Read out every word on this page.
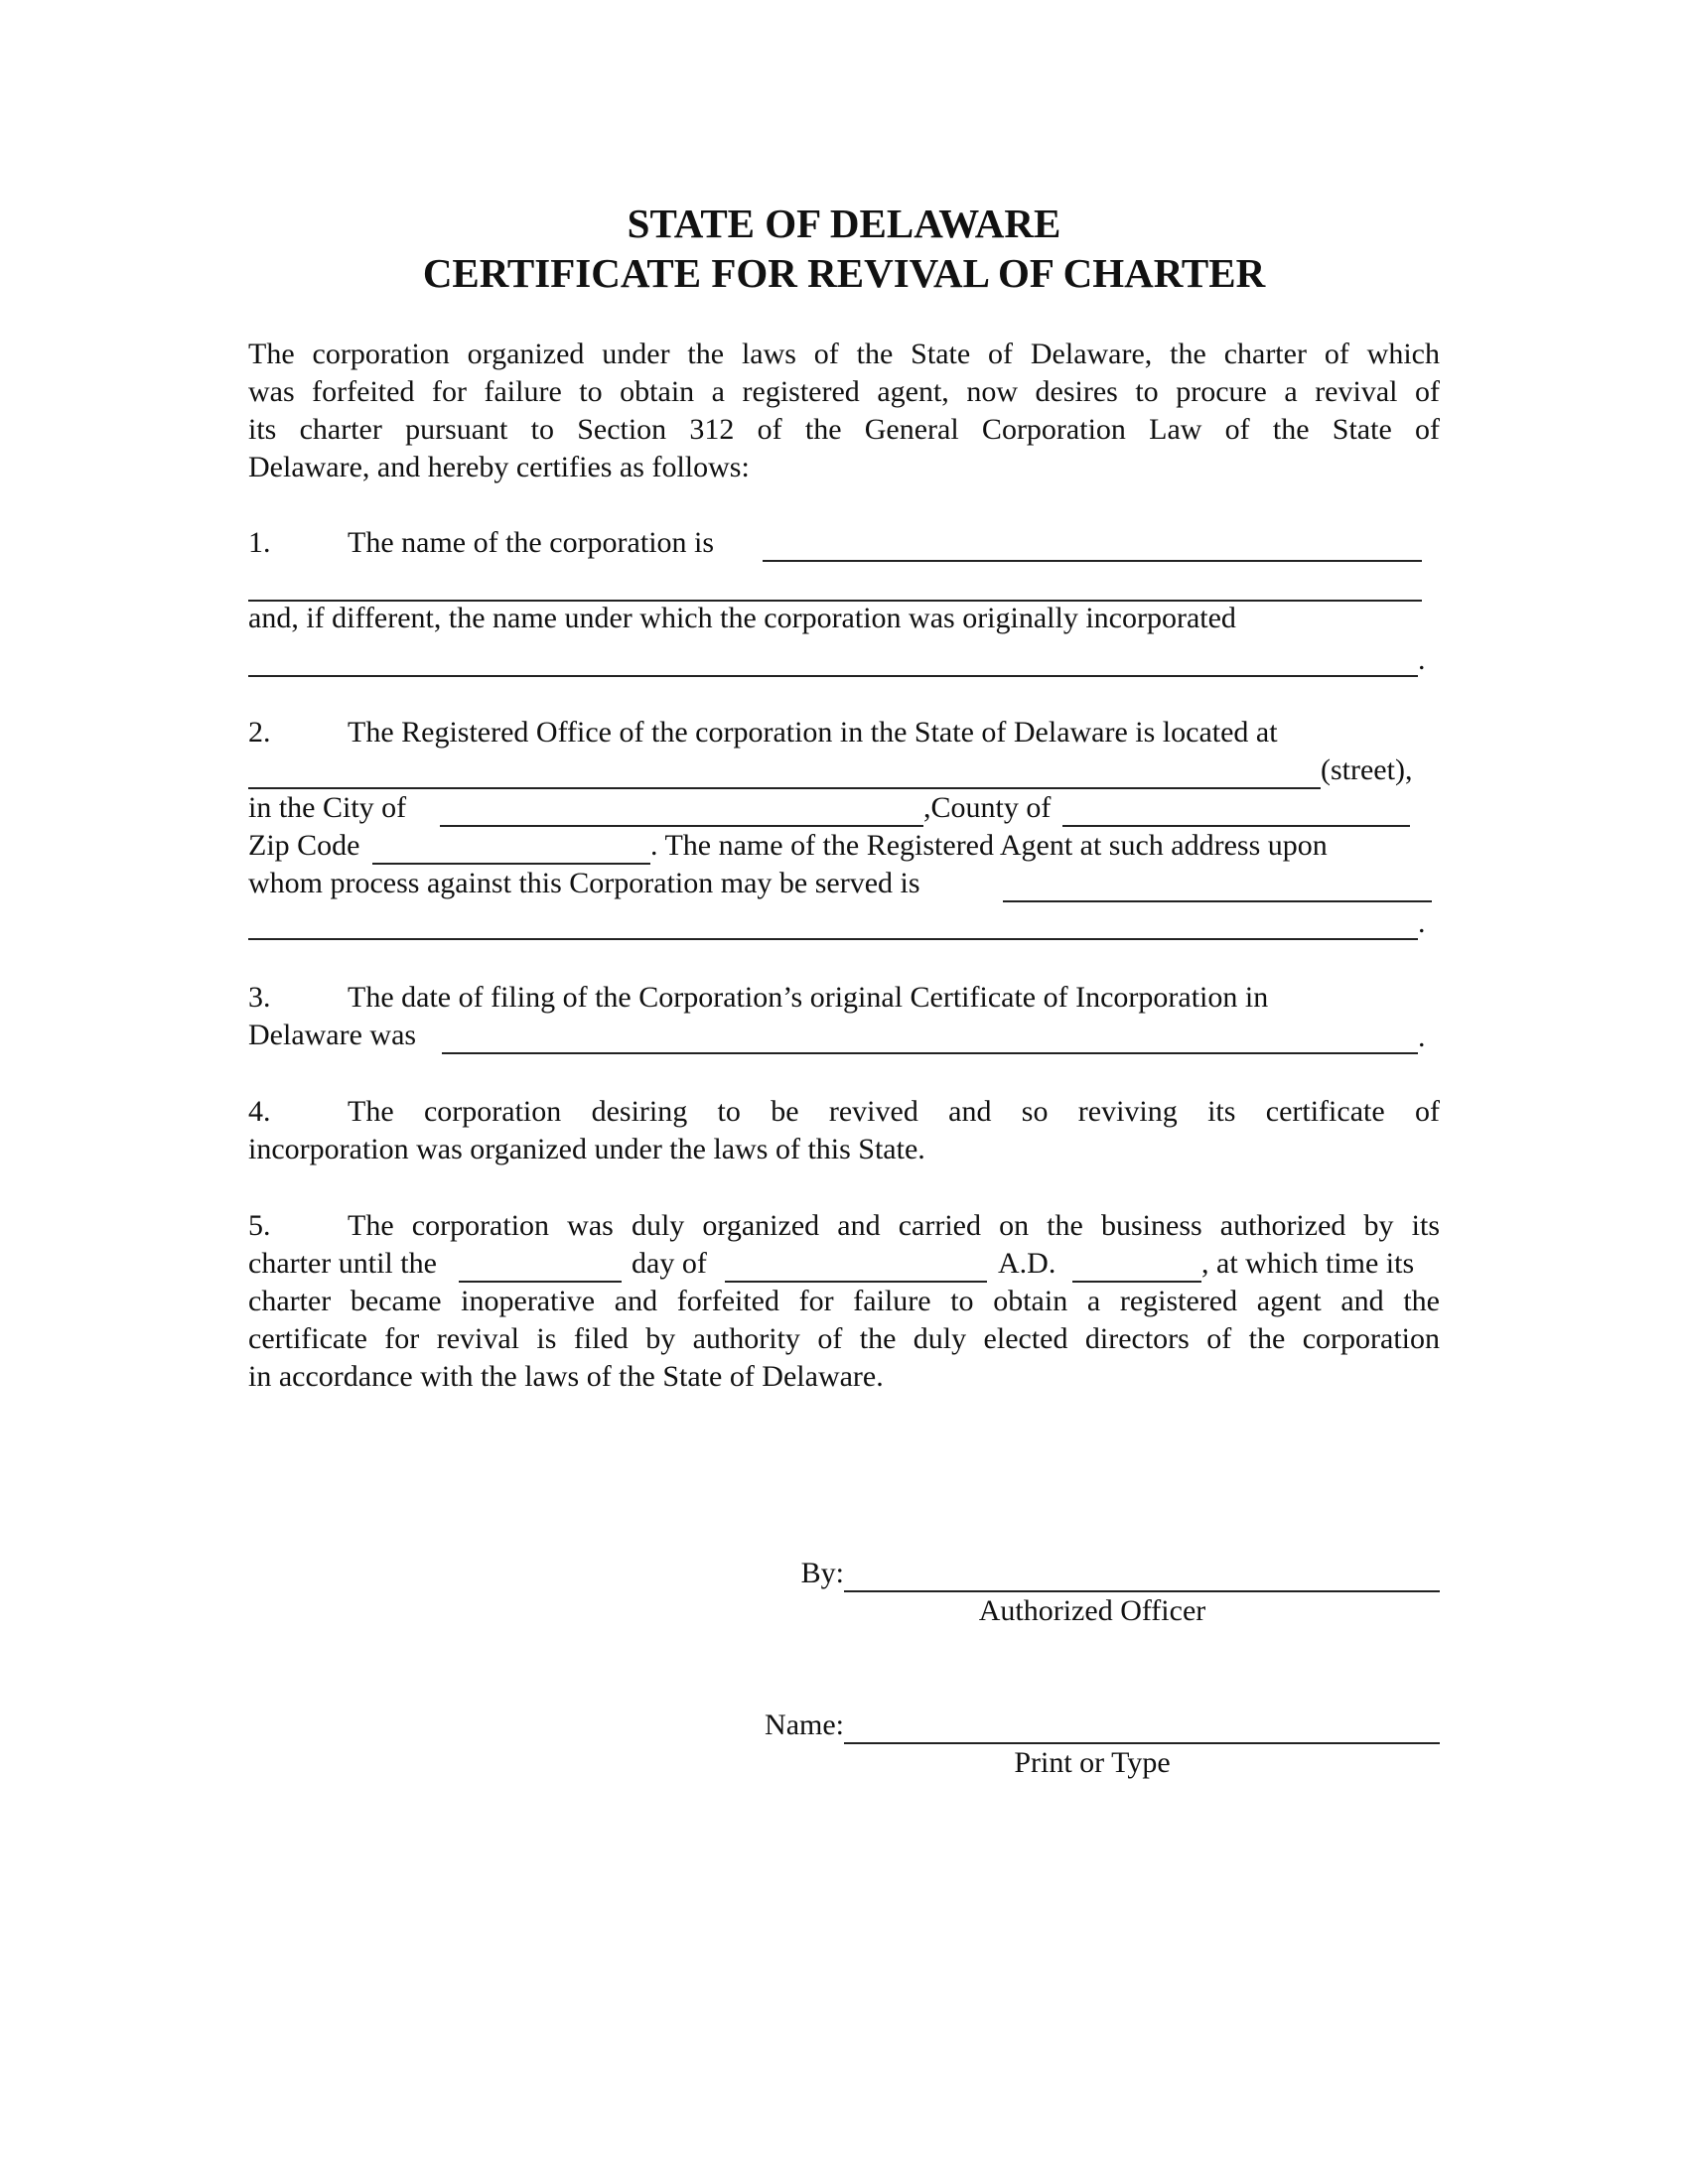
STATE OF DELAWARE
CERTIFICATE FOR REVIVAL OF CHARTER

The corporation organized under the laws of the State of Delaware, the charter of which

was forfeited for failure to obtain a registered agent, now desires to procure a revival of

its charter pursuant to Section 312 of the General Corporation Law of the State of

Delaware, and hereby certifies as follows:

1.	The name of the corporation is

and, if different, the name under which the corporation was originally incorporated

.
2.	The Registered Office of the corporation in the State of Delaware is located at
(street),
in the City of	,County of
Zip Code	. The name of the Registered Agent at such address upon
whom process against this Corporation may be served is
.
3.	The date of filing of the Corporation’s original Certificate of Incorporation in
Delaware was	.
4.	The corporation desiring to be revived and so reviving its certificate of

incorporation was organized under the laws of this State.

5.	The corporation was duly organized and carried on the business authorized by its

charter until the	day of	A.D.	, at which time its

charter became inoperative and forfeited for failure to obtain a registered agent and the

certificate for revival is filed by authority of the duly elected directors of the corporation

in accordance with the laws of the State of Delaware.

By:
Authorized Officer
Name:
Print or Type
